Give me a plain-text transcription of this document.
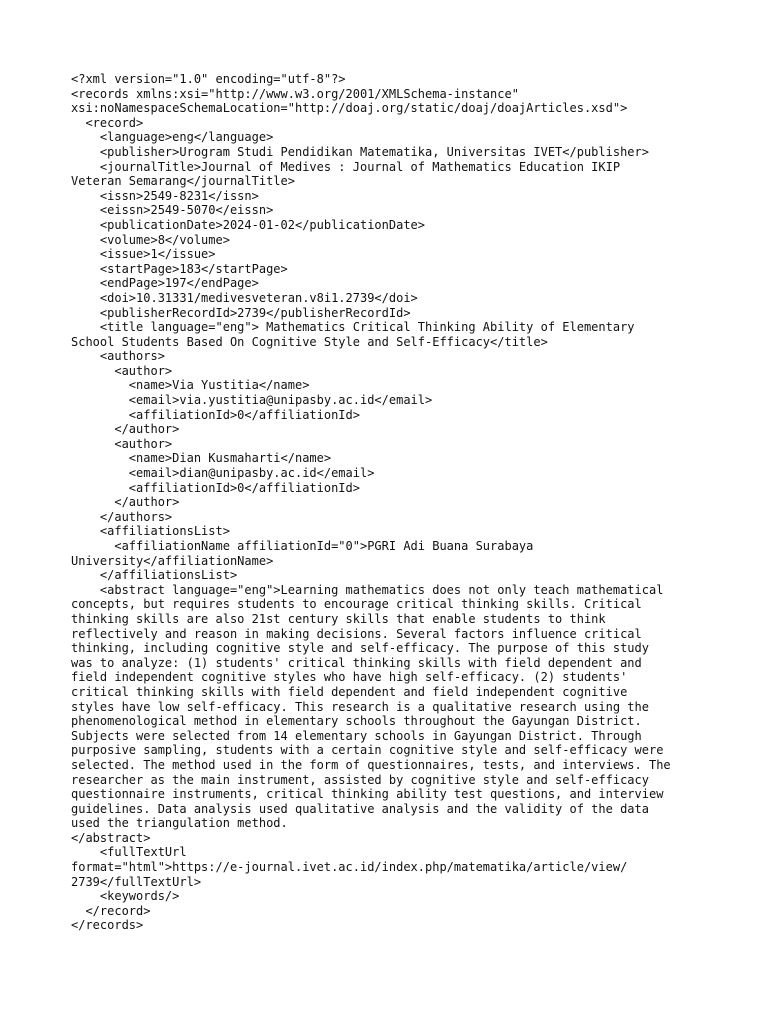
<?xml version="1.0" encoding="utf-8"?>
<records xmlns:xsi="http://www.w3.org/2001/XMLSchema-instance"
xsi:noNamespaceSchemaLocation="http://doaj.org/static/doaj/doajArticles.xsd">
<record>
<language>eng</language>
<publisher>Urogram Studi Pendidikan Matematika, Universitas IVET</publisher>
<journalTitle>Journal of Medives : Journal of Mathematics Education IKIP
Veteran Semarang</journalTitle>
<issn>2549-8231</issn>
<eissn>2549-5070</eissn>
<publicationDate>2024-01-02</publicationDate>
<volume>8</volume>
<issue>1</issue>
<startPage>183</startPage>
<endPage>197</endPage>
<doi>10.31331/medivesveteran.v8i1.2739</doi>
<publisherRecordId>2739</publisherRecordId>
<title language="eng"> Mathematics Critical Thinking Ability of Elementary
School Students Based On Cognitive Style and Self-Efficacy</title>
<authors>
<author>
<name>Via Yustitia</name>
<email>via.yustitia@unipasby.ac.id</email>
<affiliationId>0</affiliationId>
</author>
<author>
<name>Dian Kusmaharti</name>
<email>dian@unipasby.ac.id</email>
<affiliationId>0</affiliationId>
</author>
</authors>
<affiliationsList>
<affiliationName affiliationId="0">PGRI Adi Buana Surabaya
University</affiliationName>
</affiliationsList>
<abstract language="eng">Learning mathematics does not only teach mathematical
concepts, but requires students to encourage critical thinking skills. Critical
thinking skills are also 21st century skills that enable students to think
reflectively and reason in making decisions. Several factors influence critical
thinking, including cognitive style and self-efficacy. The purpose of this study
was to analyze: (1) students' critical thinking skills with field dependent and
field independent cognitive styles who have high self-efficacy. (2) students'
critical thinking skills with field dependent and field independent cognitive
styles have low self-efficacy. This research is a qualitative research using the
phenomenological method in elementary schools throughout the Gayungan District.
Subjects were selected from 14 elementary schools in Gayungan District. Through
purposive sampling, students with a certain cognitive style and self-efficacy were
selected. The method used in the form of questionnaires, tests, and interviews. The
researcher as the main instrument, assisted by cognitive style and self-efficacy
questionnaire instruments, critical thinking ability test questions, and interview
guidelines. Data analysis used qualitative analysis and the validity of the data
used the triangulation method.
</abstract>
<fullTextUrl
format="html">https://e-journal.ivet.ac.id/index.php/matematika/article/view/
2739</fullTextUrl>
<keywords/>
</record>
</records>
